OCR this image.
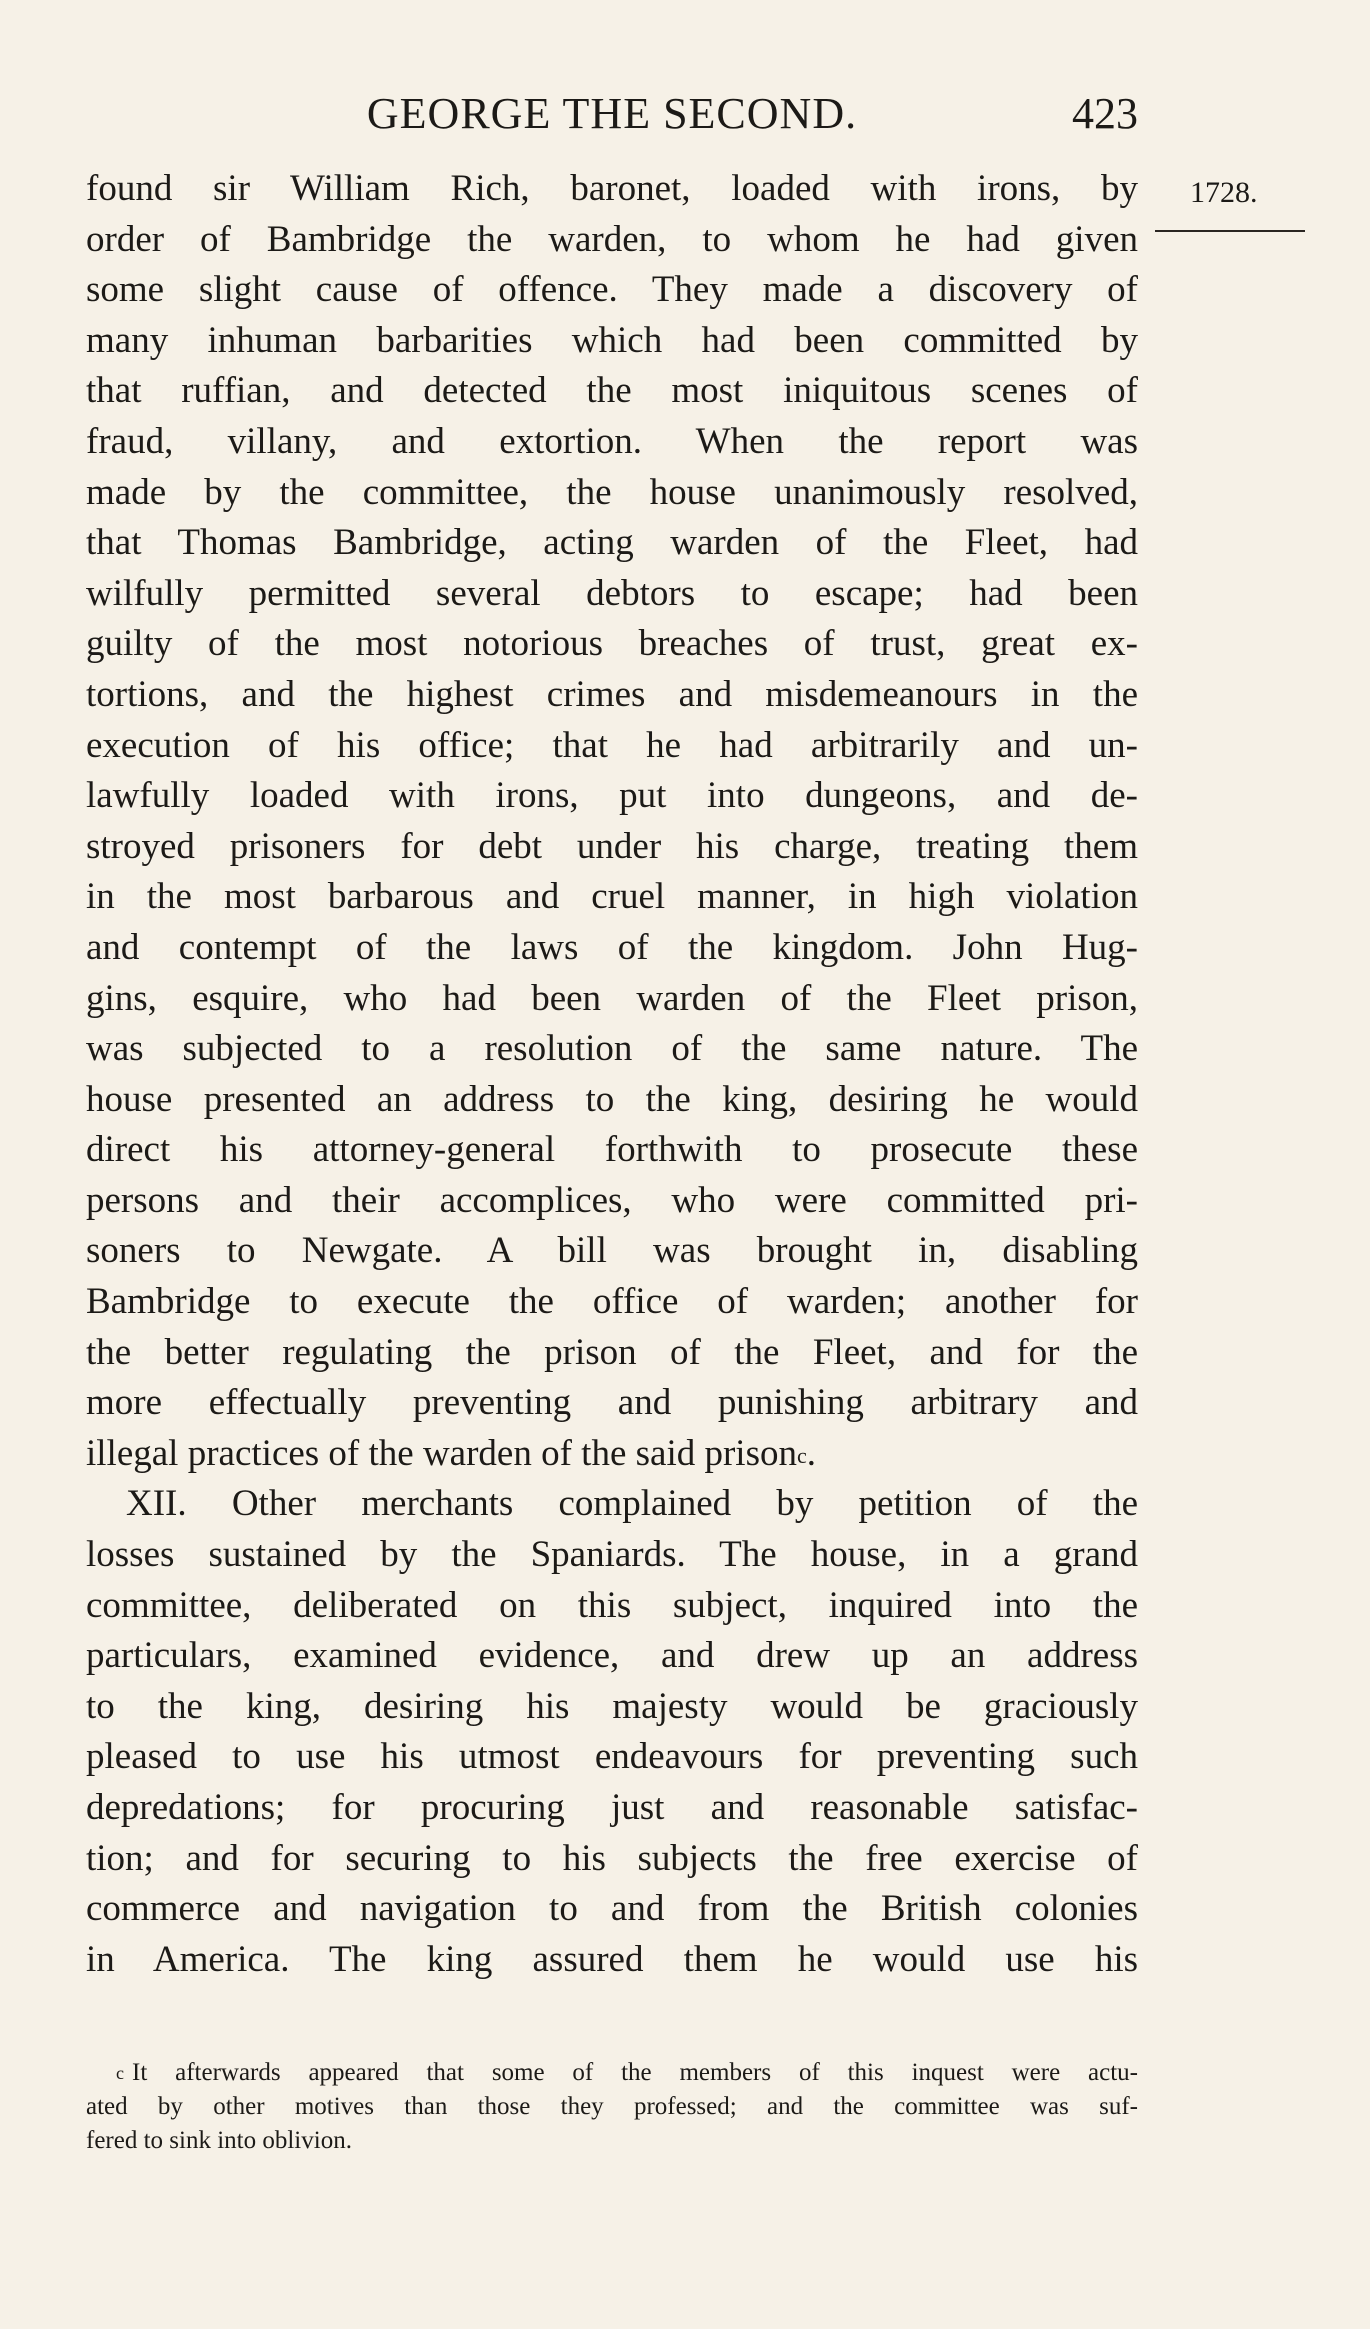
GEORGE THE SECOND.	423
1728.
found sir William Rich, baronet, loaded with irons, by
order of Bambridge the warden, to whom he had given
some slight cause of offence. They made a discovery of
many inhuman barbarities which had been committed by
that ruffian, and detected the most iniquitous scenes of
fraud, villany, and extortion. When the report was
made by the committee, the house unanimously resolved,
that Thomas Bambridge, acting warden of the Fleet, had
wilfully permitted several debtors to escape; had been
guilty of the most notorious breaches of trust, great ex-
tortions, and the highest crimes and misdemeanours in the
execution of his office; that he had arbitrarily and un-
lawfully loaded with irons, put into dungeons, and de-
stroyed prisoners for debt under his charge, treating them
in the most barbarous and cruel manner, in high violation
and contempt of the laws of the kingdom. John Hug-
gins, esquire, who had been warden of the Fleet prison,
was subjected to a resolution of the same nature. The
house presented an address to the king, desiring he would
direct his attorney-general forthwith to prosecute these
persons and their accomplices, who were committed pri-
soners to Newgate. A bill was brought in, disabling
Bambridge to execute the office of warden; another for
the better regulating the prison of the Fleet, and for the
more effectually preventing and punishing arbitrary and
illegal practices of the warden of the said prison$^c$.
XII. Other merchants complained by petition of the
losses sustained by the Spaniards. The house, in a grand
committee, deliberated on this subject, inquired into the
particulars, examined evidence, and drew up an address
to the king, desiring his majesty would be graciously
pleased to use his utmost endeavours for preventing such
depredations; for procuring just and reasonable satisfac-
tion; and for securing to his subjects the free exercise of
commerce and navigation to and from the British colonies
in America. The king assured them he would use his
$^c$ It afterwards appeared that some of the members of this inquest were actu-
ated by other motives than those they professed; and the committee was suf-
fered to sink into oblivion.
